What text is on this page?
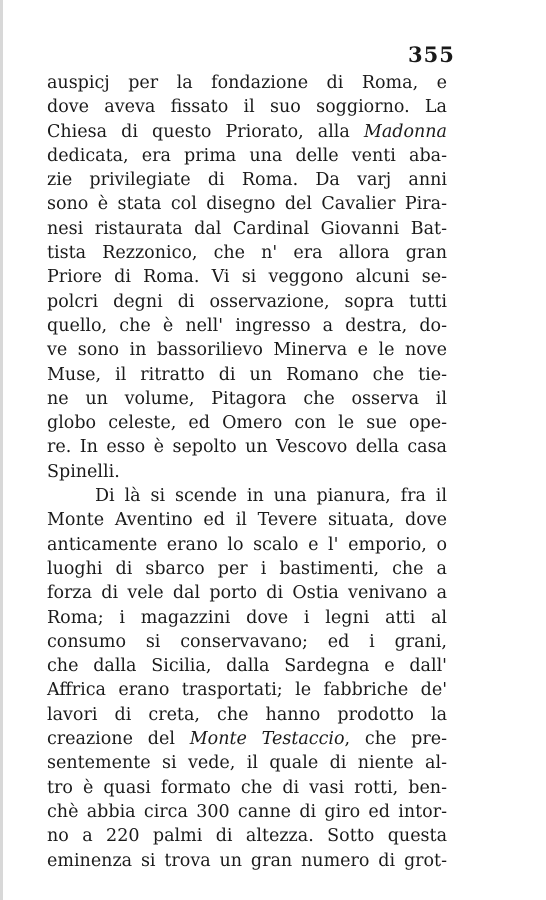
355
auspicj per la fondazione di Roma, e
dove aveva fissato il suo soggiorno. La
Chiesa di questo Priorato, alla Madonna
dedicata, era prima una delle venti aba-
zie privilegiate di Roma. Da varj anni
sono è stata col disegno del Cavalier Pira-
nesi ristaurata dal Cardinal Giovanni Bat-
tista Rezzonico, che n' era allora gran
Priore di Roma. Vi si veggono alcuni se-
polcri degni di osservazione, sopra tutti
quello, che è nell' ingresso a destra, do-
ve sono in bassorilievo Minerva e le nove
Muse, il ritratto di un Romano che tie-
ne un volume, Pitagora che osserva il
globo celeste, ed Omero con le sue ope-
re. In esso è sepolto un Vescovo della casa
Spinelli.
Di là si scende in una pianura, fra il
Monte Aventino ed il Tevere situata, dove
anticamente erano lo scalo e l' emporio, o
luoghi di sbarco per i bastimenti, che a
forza di vele dal porto di Ostia venivano a
Roma; i magazzini dove i legni atti al
consumo si conservavano; ed i grani,
che dalla Sicilia, dalla Sardegna e dall'
Affrica erano trasportati; le fabbriche de'
lavori di creta, che hanno prodotto la
creazione del Monte Testaccio, che pre-
sentemente si vede, il quale di niente al-
tro è quasi formato che di vasi rotti, ben-
chè abbia circa 300 canne di giro ed intor-
no a 220 palmi di altezza. Sotto questa
eminenza si trova un gran numero di grot-
